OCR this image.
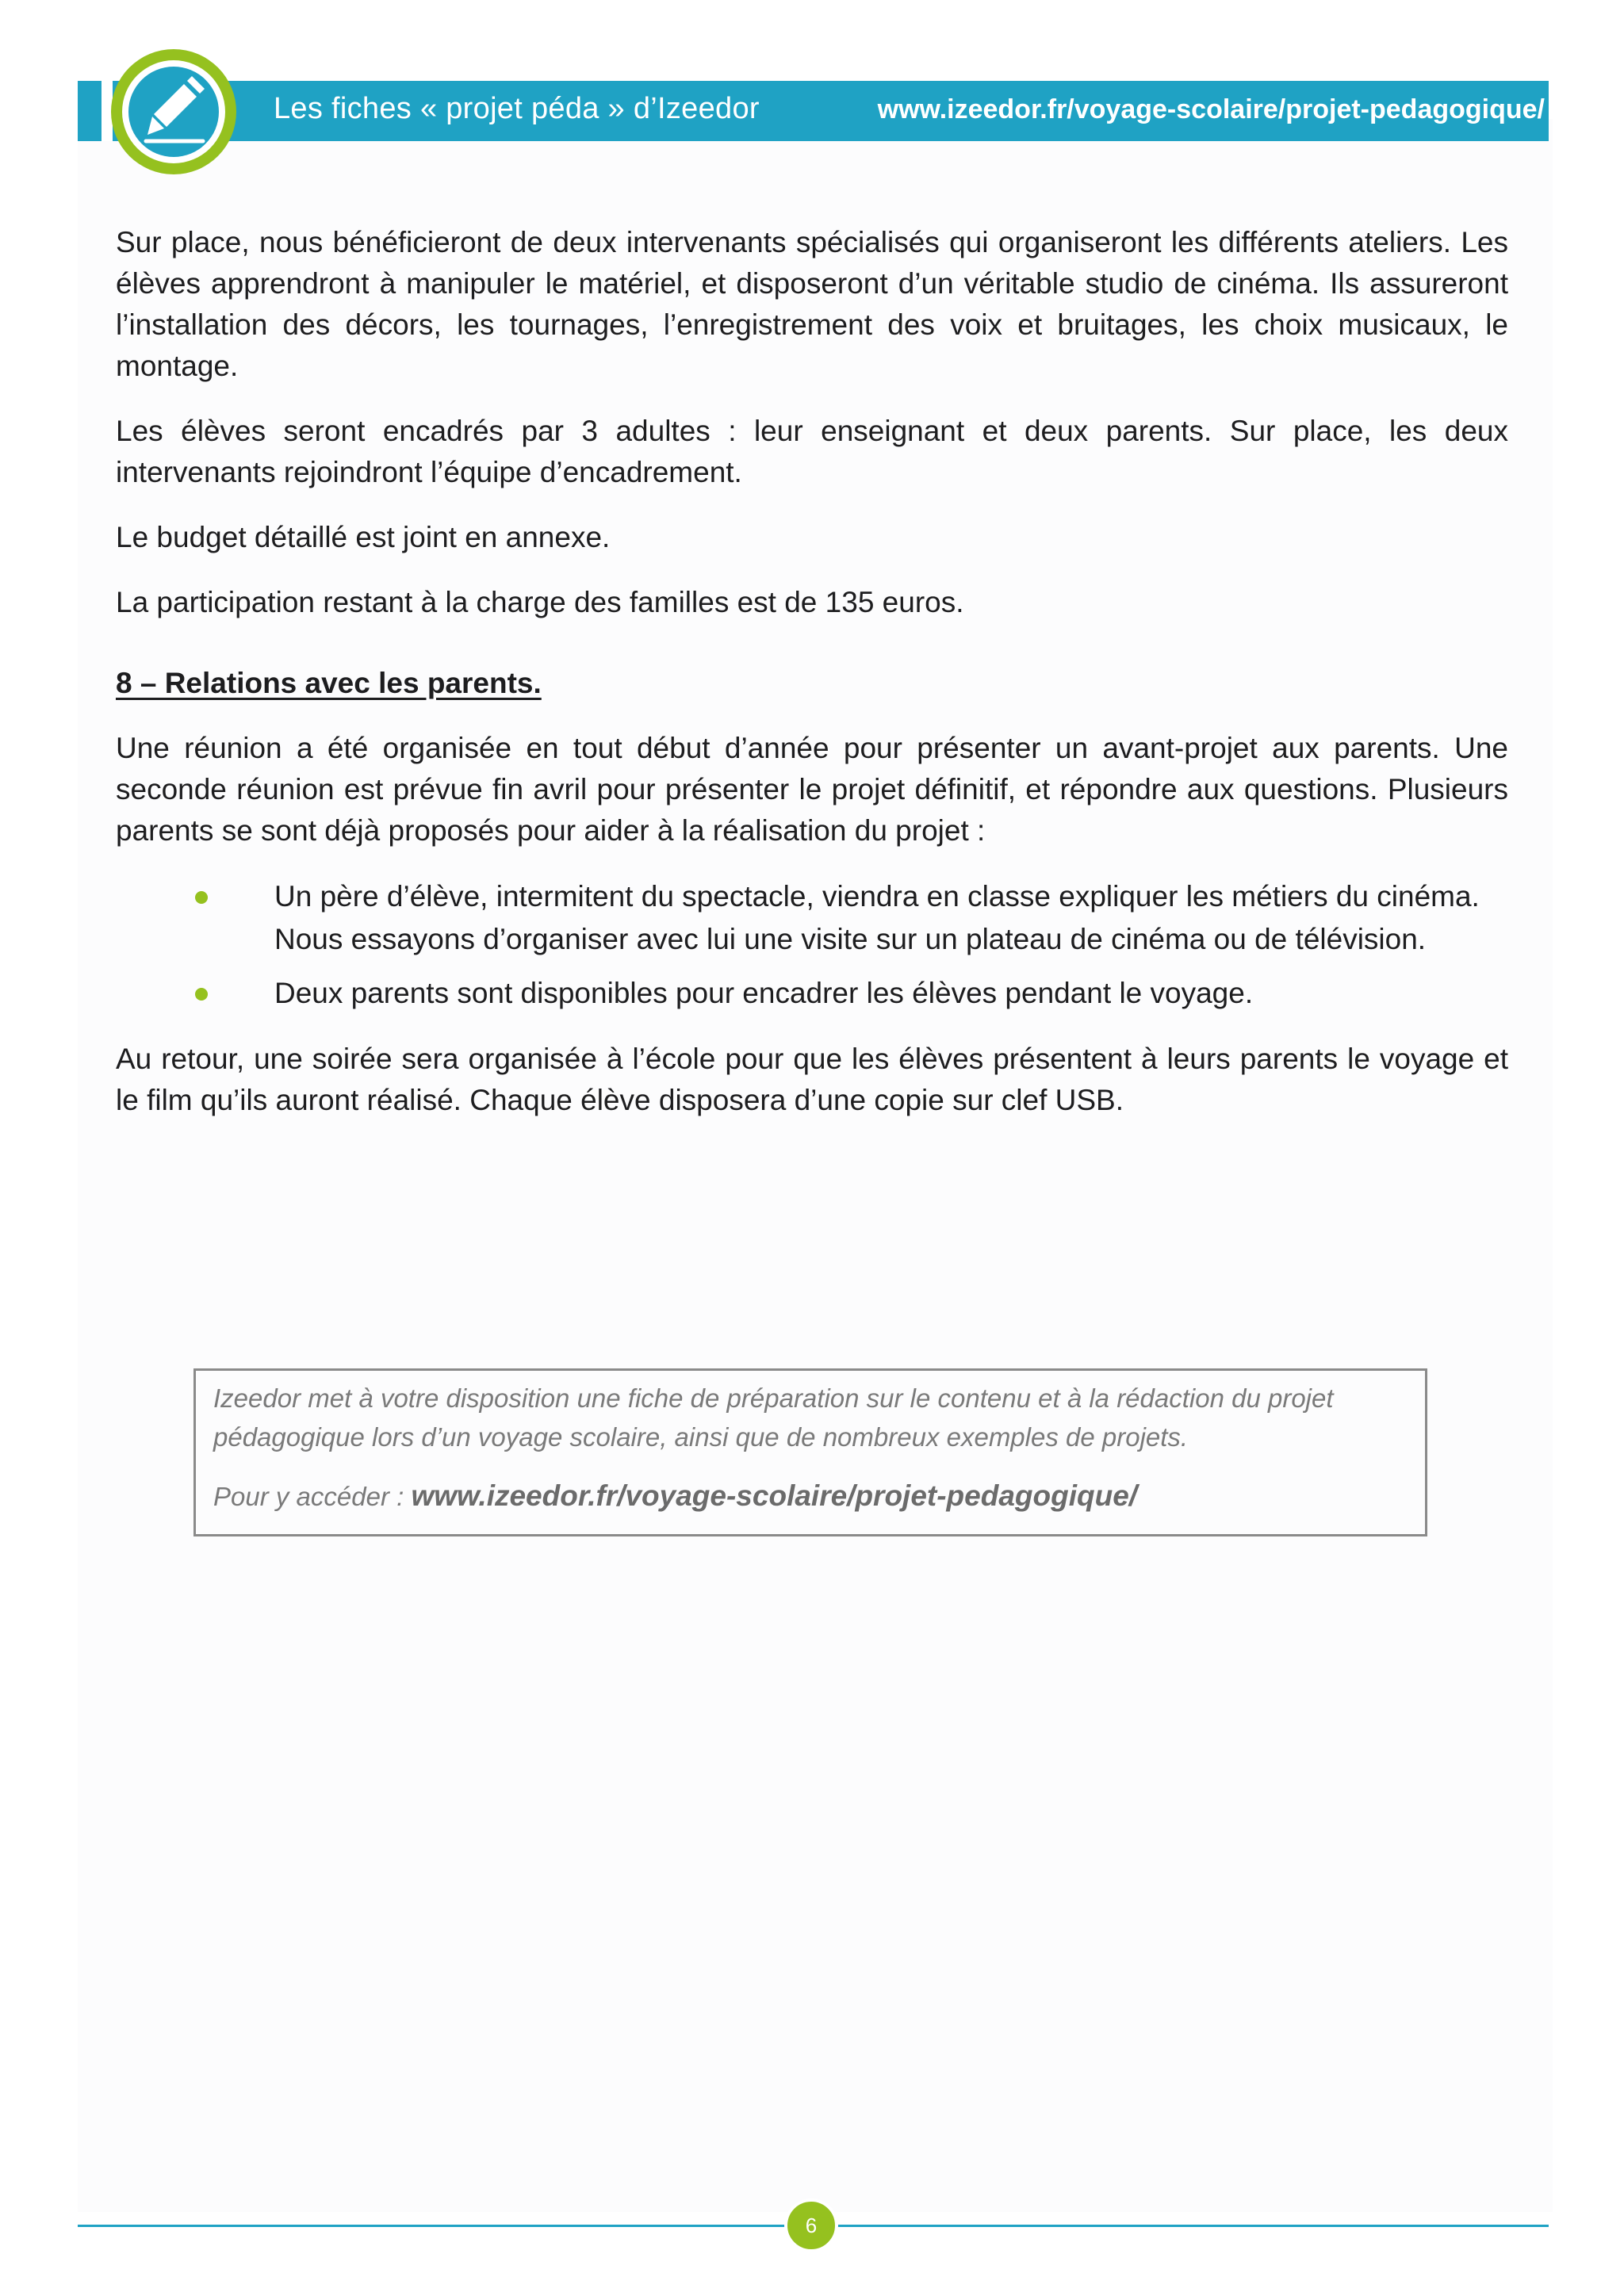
Les fiches « projet péda » d’Izeedor	www.izeedor.fr/voyage-scolaire/projet-pedagogique/

Sur place, nous bénéficieront de deux intervenants spécialisés qui organiseront les différents ateliers. Les élèves apprendront à manipuler le matériel, et disposeront d’un véritable studio de cinéma. Ils assureront l’installation des décors, les tournages, l’enregistrement des voix et bruitages, les choix musicaux, le montage.

Les élèves seront encadrés par 3 adultes : leur enseignant et deux parents. Sur place, les deux intervenants rejoindront l’équipe d’encadrement.

Le budget détaillé est joint en annexe.

La participation restant à la charge des familles est de 135 euros.

8 – Relations avec les parents.

Une réunion a été organisée en tout début d’année pour présenter un avant-projet aux parents. Une seconde réunion est prévue fin avril pour présenter le projet définitif, et répondre aux questions. Plusieurs parents se sont déjà proposés pour aider à la réalisation du projet :

Un père d’élève, intermitent du spectacle, viendra en classe expliquer les métiers du cinéma. Nous essayons d’organiser avec lui une visite sur un plateau de cinéma ou de télévision.
Deux parents sont disponibles pour encadrer les élèves pendant le voyage.

Au retour, une soirée sera organisée à l’école pour que les élèves présentent à leurs parents le voyage et le film qu’ils auront réalisé. Chaque élève disposera d’une copie sur clef USB.

Izeedor met à votre disposition une fiche de préparation sur le contenu et à la rédaction du projet pédagogique lors d’un voyage scolaire, ainsi que de nombreux exemples de projets.

Pour y accéder : www.izeedor.fr/voyage-scolaire/projet-pedagogique/

6
